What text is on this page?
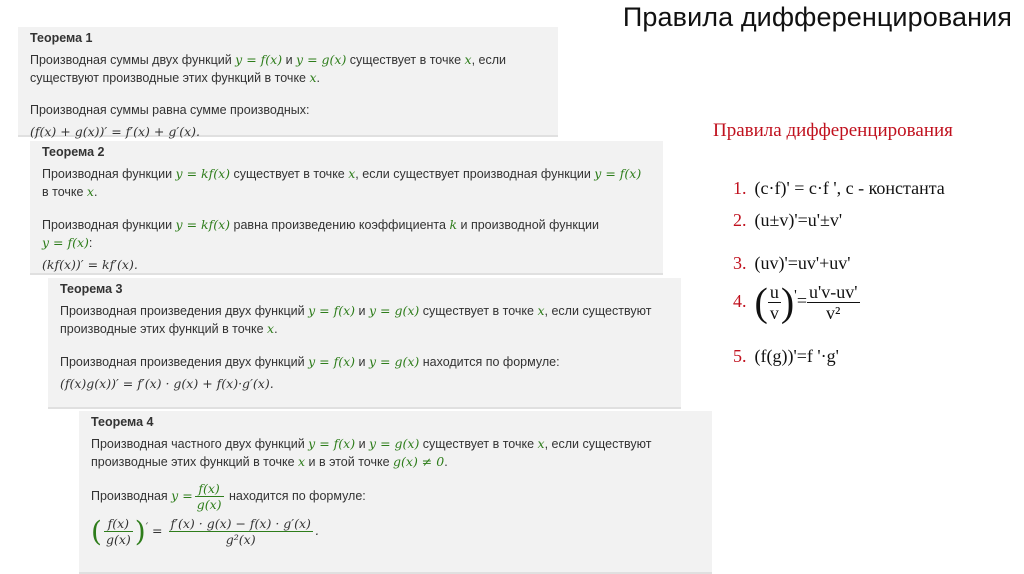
Правила дифференцирования
Теорема 1

Производная суммы двух функций y = f(x) и y = g(x) существует в точке x, если существуют производные этих функций в точке x.

Производная суммы равна сумме производных:

(f(x) + g(x))′ = f′(x) + g′(x).

Теорема 2

Производная функции y = kf(x) существует в точке x, если существует производная функции y = f(x) в точке x.

Производная функции y = kf(x) равна произведению коэффициента k и производной функции
y = f(x):

(kf(x))′ = kf′(x).

Теорема 3

Производная произведения двух функций y = f(x) и y = g(x) существует в точке x, если существуют производные этих функций в точке x.

Производная произведения двух функций y = f(x) и y = g(x) находится по формуле:

(f(x)g(x))′ = f′(x) · g(x) + f(x)·g′(x).

Теорема 4

Производная частного двух функций y = f(x) и y = g(x) существует в точке x, если существуют производные этих функций в точке x и в этой точке g(x) ≠ 0.

Производная $y = \frac{f(x)}{g(x)}$ находится по формуле:

( $\frac{f(x)}{g(x)} )' = \frac{f'(x) \cdot g(x) - f(x) \cdot g'(x)}{\text{g²(x)}}$ .

Правила дифференцирования
1. (c·f)' = c·f ', c - константа
2. (u±v)'=u'±v'
3. (uv)'=uv'+uv'
4. ( $\frac{u}{v} )'= \frac{u'v-uv'}{\text{v²}}$
5. (f(g))'=f '·g'
